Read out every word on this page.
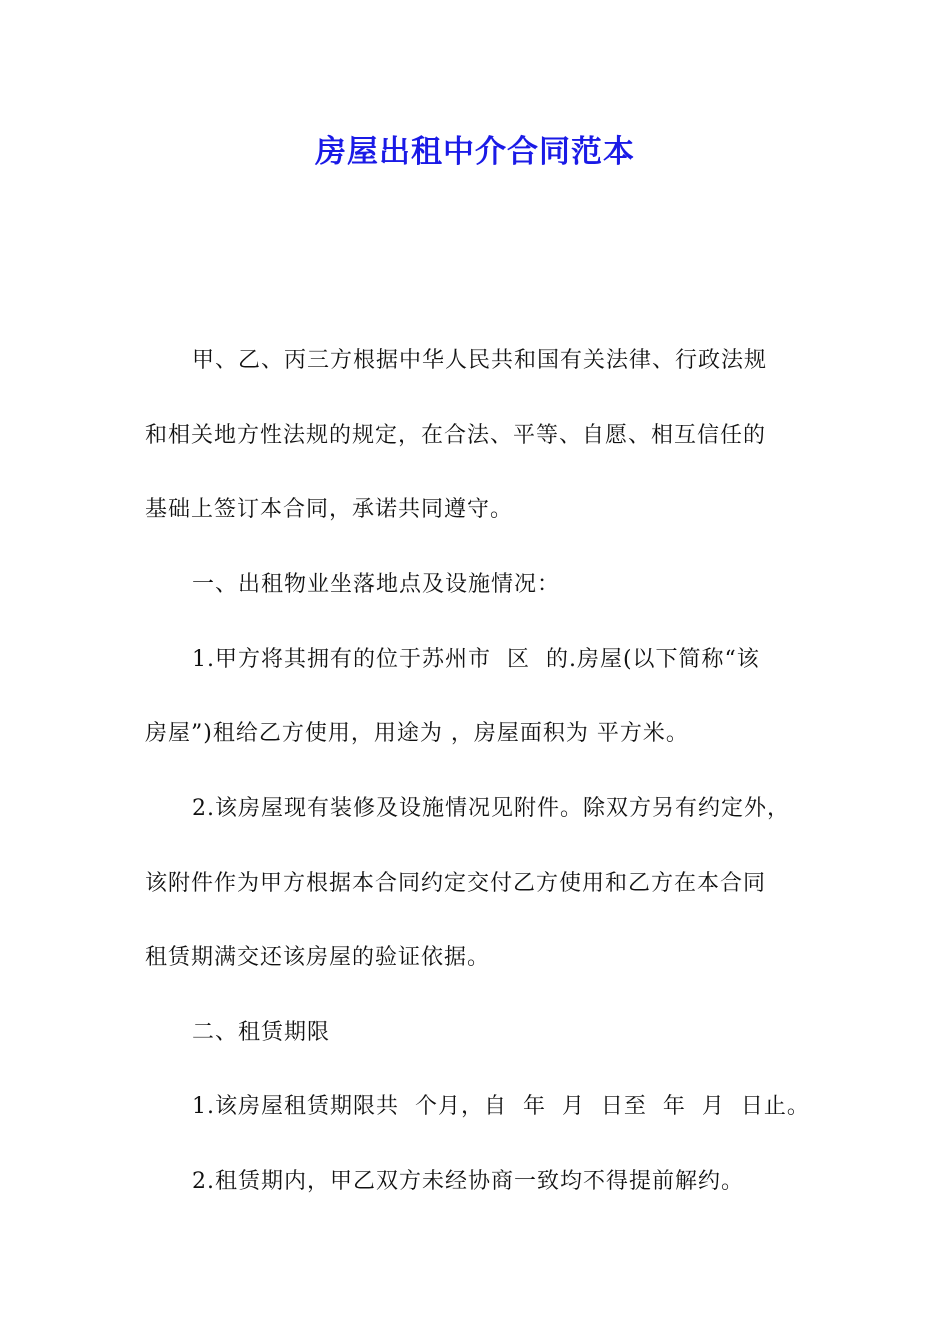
房屋出租中介合同范本

甲、乙、丙三方根据中华人民共和国有关法律、行政法规

和相关地方性法规的规定，在合法、平等、自愿、相互信任的

基础上签订本合同，承诺共同遵守。

一、出租物业坐落地点及设施情况：

1.甲方将其拥有的位于苏州市  区  的.房屋(以下简称“该

房屋”)租给乙方使用，用途为 ，房屋面积为 平方米。

2.该房屋现有装修及设施情况见附件。除双方另有约定外，

该附件作为甲方根据本合同约定交付乙方使用和乙方在本合同

租赁期满交还该房屋的验证依据。

二、租赁期限

1.该房屋租赁期限共  个月，自  年  月  日至  年  月  日止。

2.租赁期内，甲乙双方未经协商一致均不得提前解约。
